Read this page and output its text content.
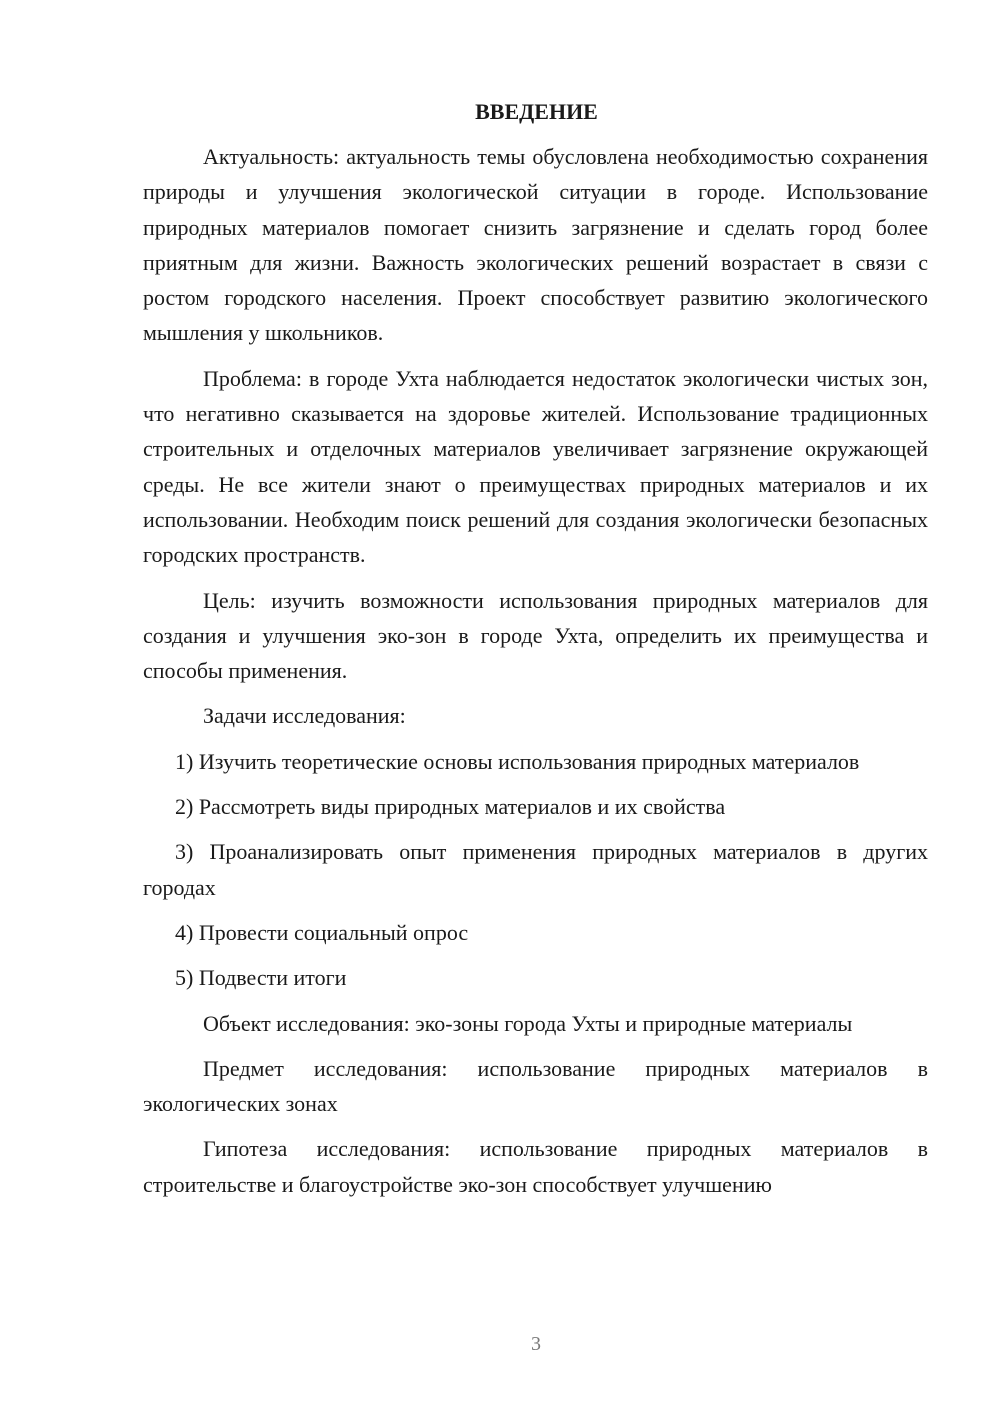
ВВЕДЕНИЕ

Актуальность: актуальность темы обусловлена необходимостью сохранения природы и улучшения экологической ситуации в городе. Использование природных материалов помогает снизить загрязнение и сделать город более приятным для жизни. Важность экологических решений возрастает в связи с ростом городского населения. Проект способствует развитию экологического мышления у школьников.

Проблема: в городе Ухта наблюдается недостаток экологически чистых зон, что негативно сказывается на здоровье жителей. Использование традиционных строительных и отделочных материалов увеличивает загрязнение окружающей среды. Не все жители знают о преимуществах природных материалов и их использовании. Необходим поиск решений для создания экологически безопасных городских пространств.

Цель: изучить возможности использования природных материалов для создания и улучшения эко-зон в городе Ухта, определить их преимущества и способы применения.

Задачи исследования:

1) Изучить теоретические основы использования природных материалов

2) Рассмотреть виды природных материалов и их свойства

3) Проанализировать опыт применения природных материалов в других городах

4) Провести социальный опрос

5) Подвести итоги

Объект исследования: эко-зоны города Ухты и природные материалы

Предмет исследования: использование природных материалов в экологических зонах

Гипотеза исследования: использование природных материалов в строительстве и благоустройстве эко-зон способствует улучшению

3
